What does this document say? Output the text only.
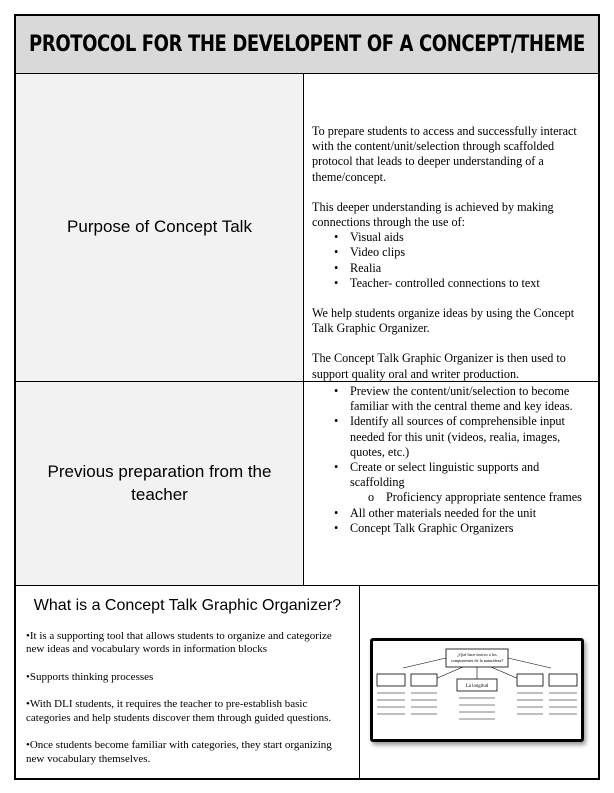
PROTOCOL FOR THE DEVELOPENT OF A CONCEPT/THEME
Purpose of Concept Talk

To prepare students to access and successfully interact with the content/unit/selection through scaffolded protocol that leads to deeper understanding of a theme/concept.

This deeper understanding is achieved by making connections through the use of:

• Visual aids
• Video clips
• Realia
• Teacher- controlled connections to text

We help students organize ideas by using the Concept Talk Graphic Organizer.

The Concept Talk Graphic Organizer is then used to support quality oral and writer production.

Previous preparation from the teacher
• Preview the content/unit/selection to become familiar with the central theme and key ideas.
• Identify all sources of comprehensible input needed for this unit (videos, realia, images, quotes, etc.)
• Create or select linguistic supports and scaffolding
o Proficiency appropriate sentence frames
• All other materials needed for the unit
• Concept Talk Graphic Organizers
What is a Concept Talk Graphic Organizer?

•It is a supporting tool that allows students to organize and categorize new ideas and vocabulary words in information blocks

•Supports thinking processes

•With DLI students, it requires the teacher to pre-establish basic categories and help students discover them through guided questions.

•Once students become familiar with categories, they start organizing new vocabulary themselves.

¿Qué hace únicos a los
componentes de la naturaleza?
La longitud
